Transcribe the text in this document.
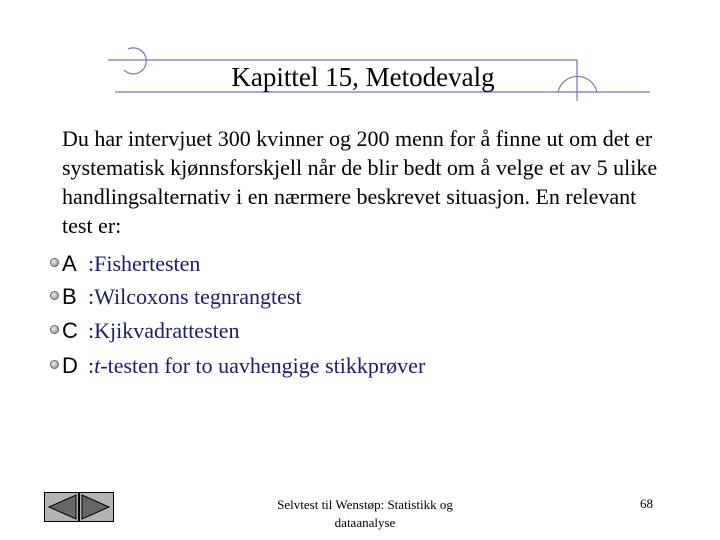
Kapittel 15, Metodevalg
Du har intervjuet 300 kvinner og 200 menn for å finne ut om det er systematisk kjønnsforskjell når de blir bedt om å velge et av 5 ulike handlingsalternativ i en nærmere beskrevet situasjon. En relevant test er:
A :Fishertesten
B :Wilcoxons tegnrangtest
C :Kjikvadrattesten
D :t-testen for to uavhengige stikkprøver
Selvtest til Wenstøp: Statistikk og
dataanalyse
68
